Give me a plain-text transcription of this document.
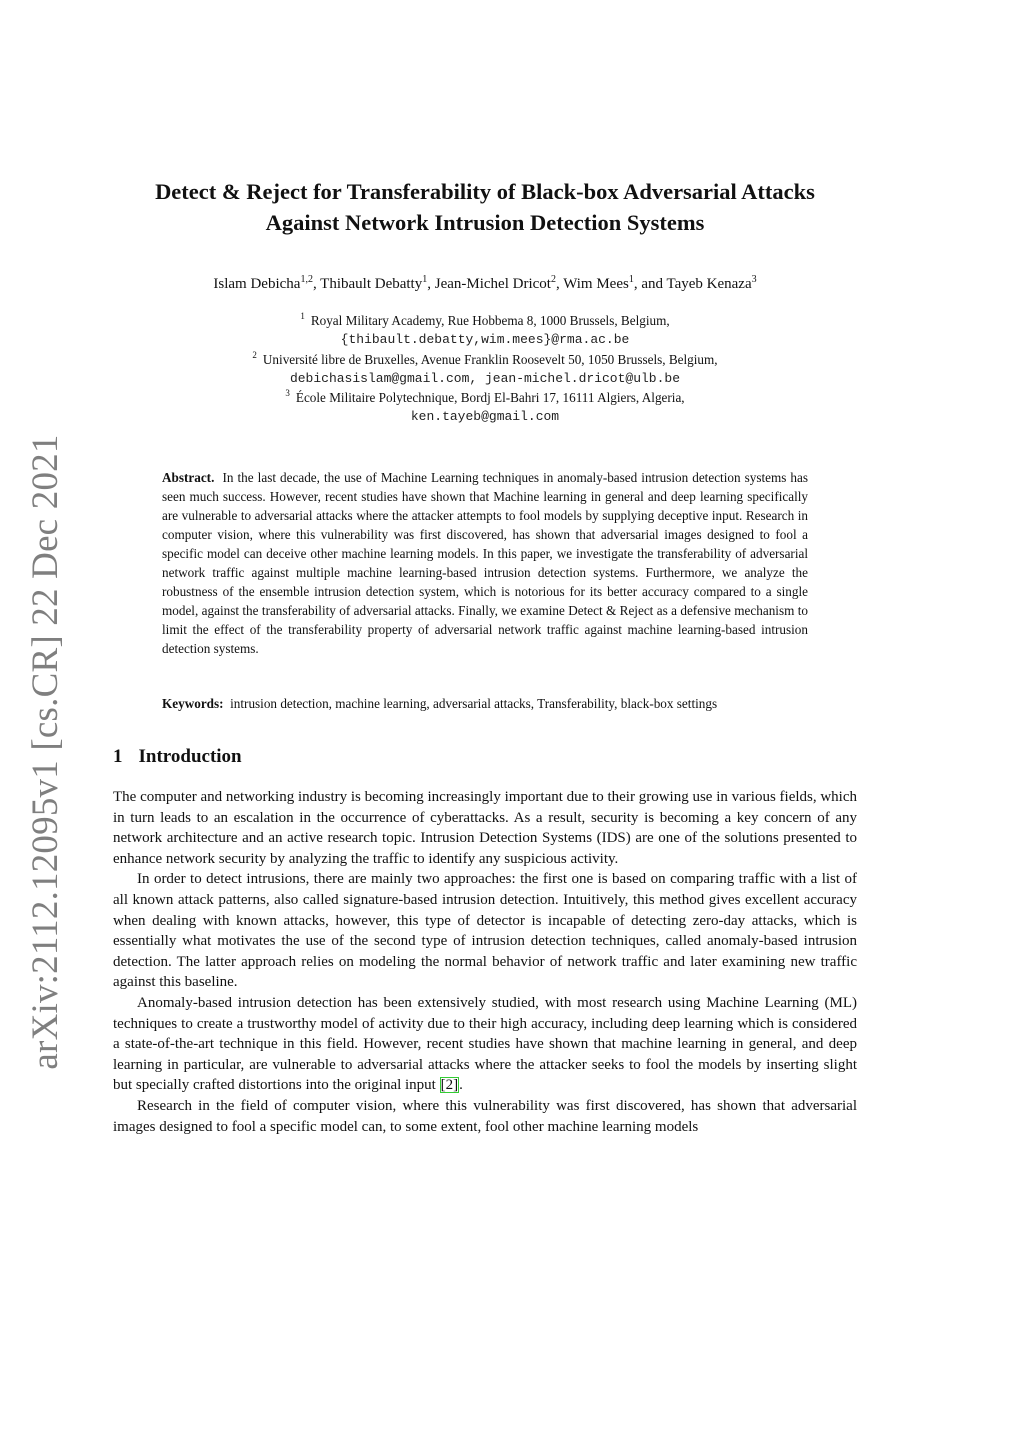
arXiv:2112.12095v1 [cs.CR] 22 Dec 2021
Detect & Reject for Transferability of Black-box Adversarial Attacks
Against Network Intrusion Detection Systems
Islam Debicha$^{1,2}$, Thibault Debatty$^1$, Jean-Michel Dricot$^2$, Wim Mees$^1$, and Tayeb Kenaza$^3$
$^1$ Royal Military Academy, Rue Hobbema 8, 1000 Brussels, Belgium,
{thibault.debatty,wim.mees}@rma.ac.be
$^2$ Université libre de Bruxelles, Avenue Franklin Roosevelt 50, 1050 Brussels, Belgium,
debichasislam@gmail.com, jean-michel.dricot@ulb.be
$^3$ École Militaire Polytechnique, Bordj El-Bahri 17, 16111 Algiers, Algeria,
ken.tayeb@gmail.com
Abstract. In the last decade, the use of Machine Learning techniques in anomaly-based intrusion detection systems has seen much success. However, recent studies have shown that Machine learning in general and deep learning specifically are vulnerable to adversarial attacks where the attacker attempts to fool models by supplying deceptive input. Research in computer vision, where this vulnerability was first discovered, has shown that adversarial images designed to fool a specific model can deceive other machine learning models. In this paper, we investigate the transferability of adversarial network traffic against multiple machine learning-based intrusion detection systems. Furthermore, we analyze the robustness of the ensemble intrusion detection system, which is notorious for its better accuracy compared to a single model, against the transferability of adversarial attacks. Finally, we examine Detect & Reject as a defensive mechanism to limit the effect of the transferability property of adversarial network traffic against machine learning-based intrusion detection systems.
Keywords: intrusion detection, machine learning, adversarial attacks, Transferability, black-box settings
1 Introduction

The computer and networking industry is becoming increasingly important due to their growing use in various fields, which in turn leads to an escalation in the occurrence of cyberattacks. As a result, security is becoming a key concern of any network architecture and an active research topic. Intrusion Detection Systems (IDS) are one of the solutions presented to enhance network security by analyzing the traffic to identify any suspicious activity.

In order to detect intrusions, there are mainly two approaches: the first one is based on comparing traffic with a list of all known attack patterns, also called signature-based intrusion detection. Intuitively, this method gives excellent accuracy when dealing with known attacks, however, this type of detector is incapable of detecting zero-day attacks, which is essentially what motivates the use of the second type of intrusion detection techniques, called anomaly-based intrusion detection. The latter approach relies on modeling the normal behavior of network traffic and later examining new traffic against this baseline.

Anomaly-based intrusion detection has been extensively studied, with most research using Machine Learning (ML) techniques to create a trustworthy model of activity due to their high accuracy, including deep learning which is considered a state-of-the-art technique in this field. However, recent studies have shown that machine learning in general, and deep learning in particular, are vulnerable to adversarial attacks where the attacker seeks to fool the models by inserting slight but specially crafted distortions into the original input [2].

Research in the field of computer vision, where this vulnerability was first discovered, has shown that adversarial images designed to fool a specific model can, to some extent, fool other machine learning models
